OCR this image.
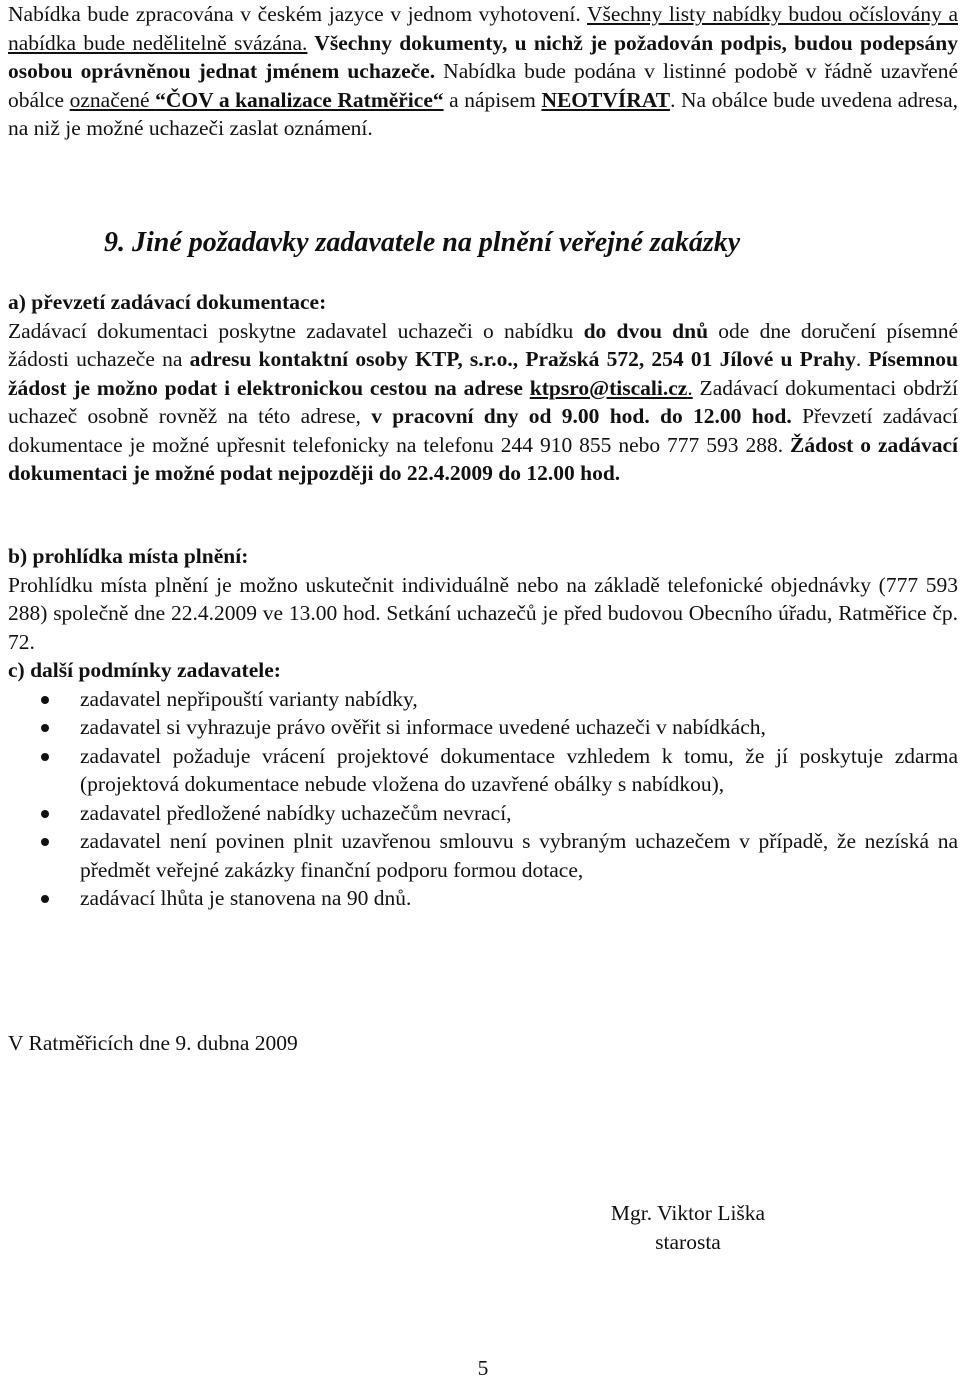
Nabídka bude zpracována v českém jazyce v jednom vyhotovení. Všechny listy nabídky budou očíslovány a nabídka bude nedělitelně svázána. Všechny dokumenty, u nichž je požadován podpis, budou podepsány osobou oprávněnou jednat jménem uchazeče. Nabídka bude podána v listinné podobě v řádně uzavřené obálce označené “ČOV a kanalizace Ratměřice“ a nápisem NEOTVÍRAT. Na obálce bude uvedena adresa, na niž je možné uchazeči zaslat oznámení.

9. Jiné požadavky zadavatele na plnění veřejné zakázky

a) převzetí zadávací dokumentace:

Zadávací dokumentaci poskytne zadavatel uchazeči o nabídku do dvou dnů ode dne doručení písemné žádosti uchazeče na adresu kontaktní osoby KTP, s.r.o., Pražská 572, 254 01 Jílové u Prahy. Písemnou žádost je možno podat i elektronickou cestou na adrese ktpsro@tiscali.cz. Zadávací dokumentaci obdrží uchazeč osobně rovněž na této adrese, v pracovní dny od 9.00 hod. do 12.00 hod. Převzetí zadávací dokumentace je možné upřesnit telefonicky na telefonu 244 910 855 nebo 777 593 288. Žádost o zadávací dokumentaci je možné podat nejpozději do 22.4.2009 do 12.00 hod.

b) prohlídka místa plnění:

Prohlídku místa plnění je možno uskutečnit individuálně nebo na základě telefonické objednávky (777 593 288) společně dne 22.4.2009 ve 13.00 hod. Setkání uchazečů je před budovou Obecního úřadu, Ratměřice čp. 72.

c) další podmínky zadavatele:

zadavatel nepřipouští varianty nabídky,
zadavatel si vyhrazuje právo ověřit si informace uvedené uchazeči v nabídkách,
zadavatel požaduje vrácení projektové dokumentace vzhledem k tomu, že jí poskytuje zdarma (projektová dokumentace nebude vložena do uzavřené obálky s nabídkou),
zadavatel předložené nabídky uchazečům nevrací,
zadavatel není povinen plnit uzavřenou smlouvu s vybraným uchazečem v případě, že nezíská na předmět veřejné zakázky finanční podporu formou dotace,
zadávací lhůta je stanovena na 90 dnů.

V Ratměřicích dne 9. dubna 2009

Mgr. Viktor Liška
starosta
5
